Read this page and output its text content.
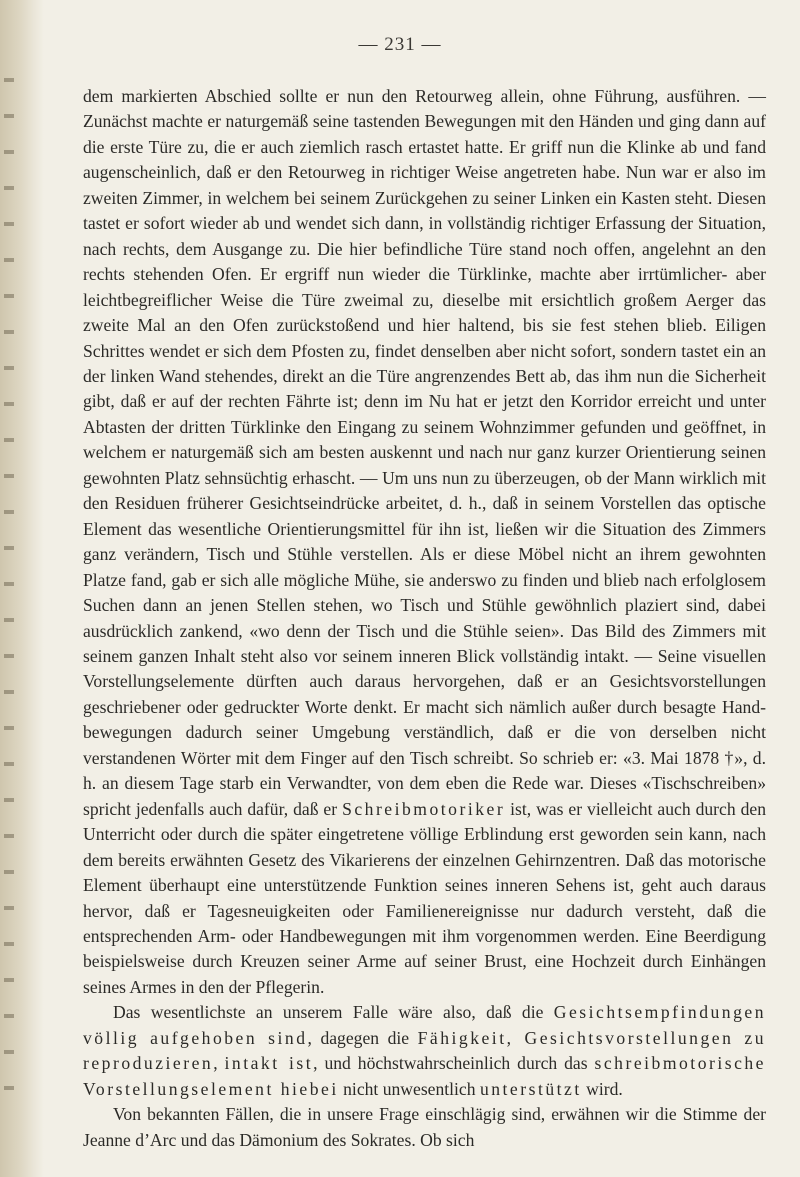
— 231 —

dem markierten Abschied sollte er nun den Retourweg allein, ohne Führung, ausführen. — Zunächst machte er naturgemäß seine tastenden Bewegungen mit den Händen und ging dann auf die erste Türe zu, die er auch ziemlich rasch ertastet hatte. Er griff nun die Klinke ab und fand augenscheinlich, daß er den Retourweg in richtiger Weise angetreten habe. Nun war er also im zweiten Zimmer, in welchem bei seinem Zurückgehen zu seiner Linken ein Kasten steht. Diesen tastet er sofort wieder ab und wendet sich dann, in vollständig richtiger Erfassung der Situation, nach rechts, dem Ausgange zu. Die hier befindliche Türe stand noch offen, angelehnt an den rechts stehenden Ofen. Er ergriff nun wieder die Türklinke, machte aber irrtümlicher- aber leichtbegreiflicher Weise die Türe zweimal zu, dieselbe mit ersichtlich großem Aerger das zweite Mal an den Ofen zurückstoßend und hier haltend, bis sie fest stehen blieb. Eiligen Schrittes wendet er sich dem Pfosten zu, findet denselben aber nicht sofort, sondern tastet ein an der linken Wand stehendes, direkt an die Türe angrenzendes Bett ab, das ihm nun die Sicherheit gibt, daß er auf der rechten Fährte ist; denn im Nu hat er jetzt den Korridor erreicht und unter Abtasten der dritten Türklinke den Eingang zu seinem Wohnzimmer gefunden und geöffnet, in welchem er naturgemäß sich am besten auskennt und nach nur ganz kurzer Orientierung seinen gewohnten Platz sehnsüchtig erhascht. — Um uns nun zu überzeugen, ob der Mann wirklich mit den Residuen früherer Gesichtseindrücke arbeitet, d. h., daß in seinem Vorstellen das optische Element das wesentliche Orientierungsmittel für ihn ist, ließen wir die Situation des Zimmers ganz verändern, Tisch und Stühle verstellen. Als er diese Möbel nicht an ihrem gewohnten Platze fand, gab er sich alle mögliche Mühe, sie anderswo zu finden und blieb nach erfolglosem Suchen dann an jenen Stellen stehen, wo Tisch und Stühle gewöhnlich plaziert sind, dabei ausdrücklich zankend, «wo denn der Tisch und die Stühle seien». Das Bild des Zimmers mit seinem ganzen Inhalt steht also vor seinem inneren Blick vollständig intakt. — Seine visuellen Vorstellungselemente dürften auch daraus hervorgehen, daß er an Gesichtsvorstellungen geschriebener oder gedruckter Worte denkt. Er macht sich nämlich außer durch besagte Handbewegungen dadurch seiner Umgebung verständlich, daß er die von derselben nicht verstandenen Wörter mit dem Finger auf den Tisch schreibt. So schrieb er: «3. Mai 1878 †», d. h. an diesem Tage starb ein Verwandter, von dem eben die Rede war. Dieses «Tischschreiben» spricht jedenfalls auch dafür, daß er Schreibmotoriker ist, was er vielleicht auch durch den Unterricht oder durch die später eingetretene völlige Erblindung erst geworden sein kann, nach dem bereits erwähnten Gesetz des Vikarierens der einzelnen Gehirnzentren. Daß das motorische Element überhaupt eine unterstützende Funktion seines inneren Sehens ist, geht auch daraus hervor, daß er Tagesneuigkeiten oder Familienereignisse nur dadurch versteht, daß die entsprechenden Arm- oder Handbewegungen mit ihm vorgenommen werden. Eine Beerdigung beispielsweise durch Kreuzen seiner Arme auf seiner Brust, eine Hochzeit durch Einhängen seines Armes in den der Pflegerin.

Das wesentlichste an unserem Falle wäre also, daß die Gesichtsempfindungen völlig aufgehoben sind, dagegen die Fähigkeit, Gesichtsvorstellungen zu reproduzieren, intakt ist, und höchstwahrscheinlich durch das schreibmotorische Vorstellungselement hiebei nicht unwesentlich unterstützt wird.

Von bekannten Fällen, die in unsere Frage einschlägig sind, erwähnen wir die Stimme der Jeanne d’Arc und das Dämonium des Sokrates. Ob sich
